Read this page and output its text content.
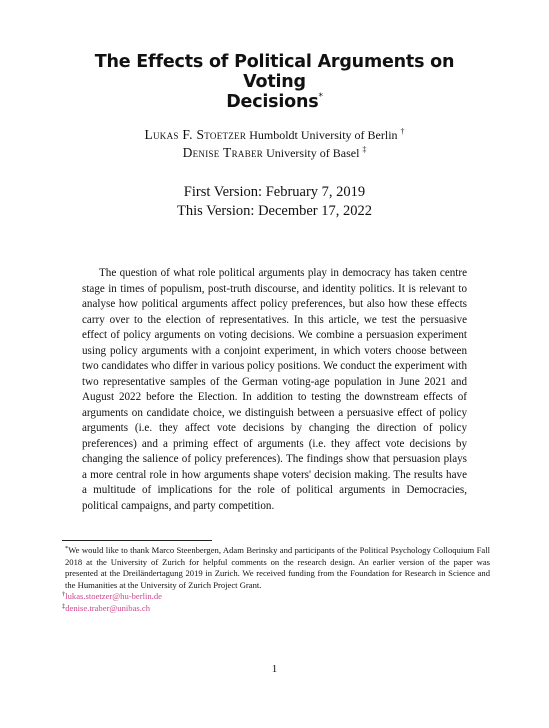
The Effects of Political Arguments on Voting
Decisions*
Lukas F. Stoetzer Humboldt University of Berlin †
Denise Traber University of Basel ‡
First Version: February 7, 2019
This Version: December 17, 2022

The question of what role political arguments play in democracy has taken centre stage in times of populism, post-truth discourse, and identity politics. It is relevant to analyse how political arguments affect policy preferences, but also how these effects carry over to the election of representatives. In this article, we test the persuasive effect of policy arguments on voting decisions. We combine a persuasion experiment using policy arguments with a conjoint experiment, in which voters choose between two candidates who differ in various policy positions. We conduct the experiment with two representative samples of the German voting-age population in June 2021 and August 2022 before the Election. In addition to testing the downstream effects of arguments on candidate choice, we distinguish between a persuasive effect of policy arguments (i.e. they affect vote decisions by changing the direction of policy preferences) and a priming effect of arguments (i.e. they affect vote decisions by changing the salience of policy preferences). The findings show that persuasion plays a more central role in how arguments shape voters' decision making. The results have a multitude of implications for the role of political arguments in Democracies, political campaigns, and party competition.

*We would like to thank Marco Steenbergen, Adam Berinsky and participants of the Political Psychology Colloquium Fall 2018 at the University of Zurich for helpful comments on the research design. An earlier version of the paper was presented at the Dreiländertagung 2019 in Zurich. We received funding from the Foundation for Research in Science and the Humanities at the University of Zurich Project Grant.

†lukas.stoetzer@hu-berlin.de

‡denise.traber@unibas.ch

1
